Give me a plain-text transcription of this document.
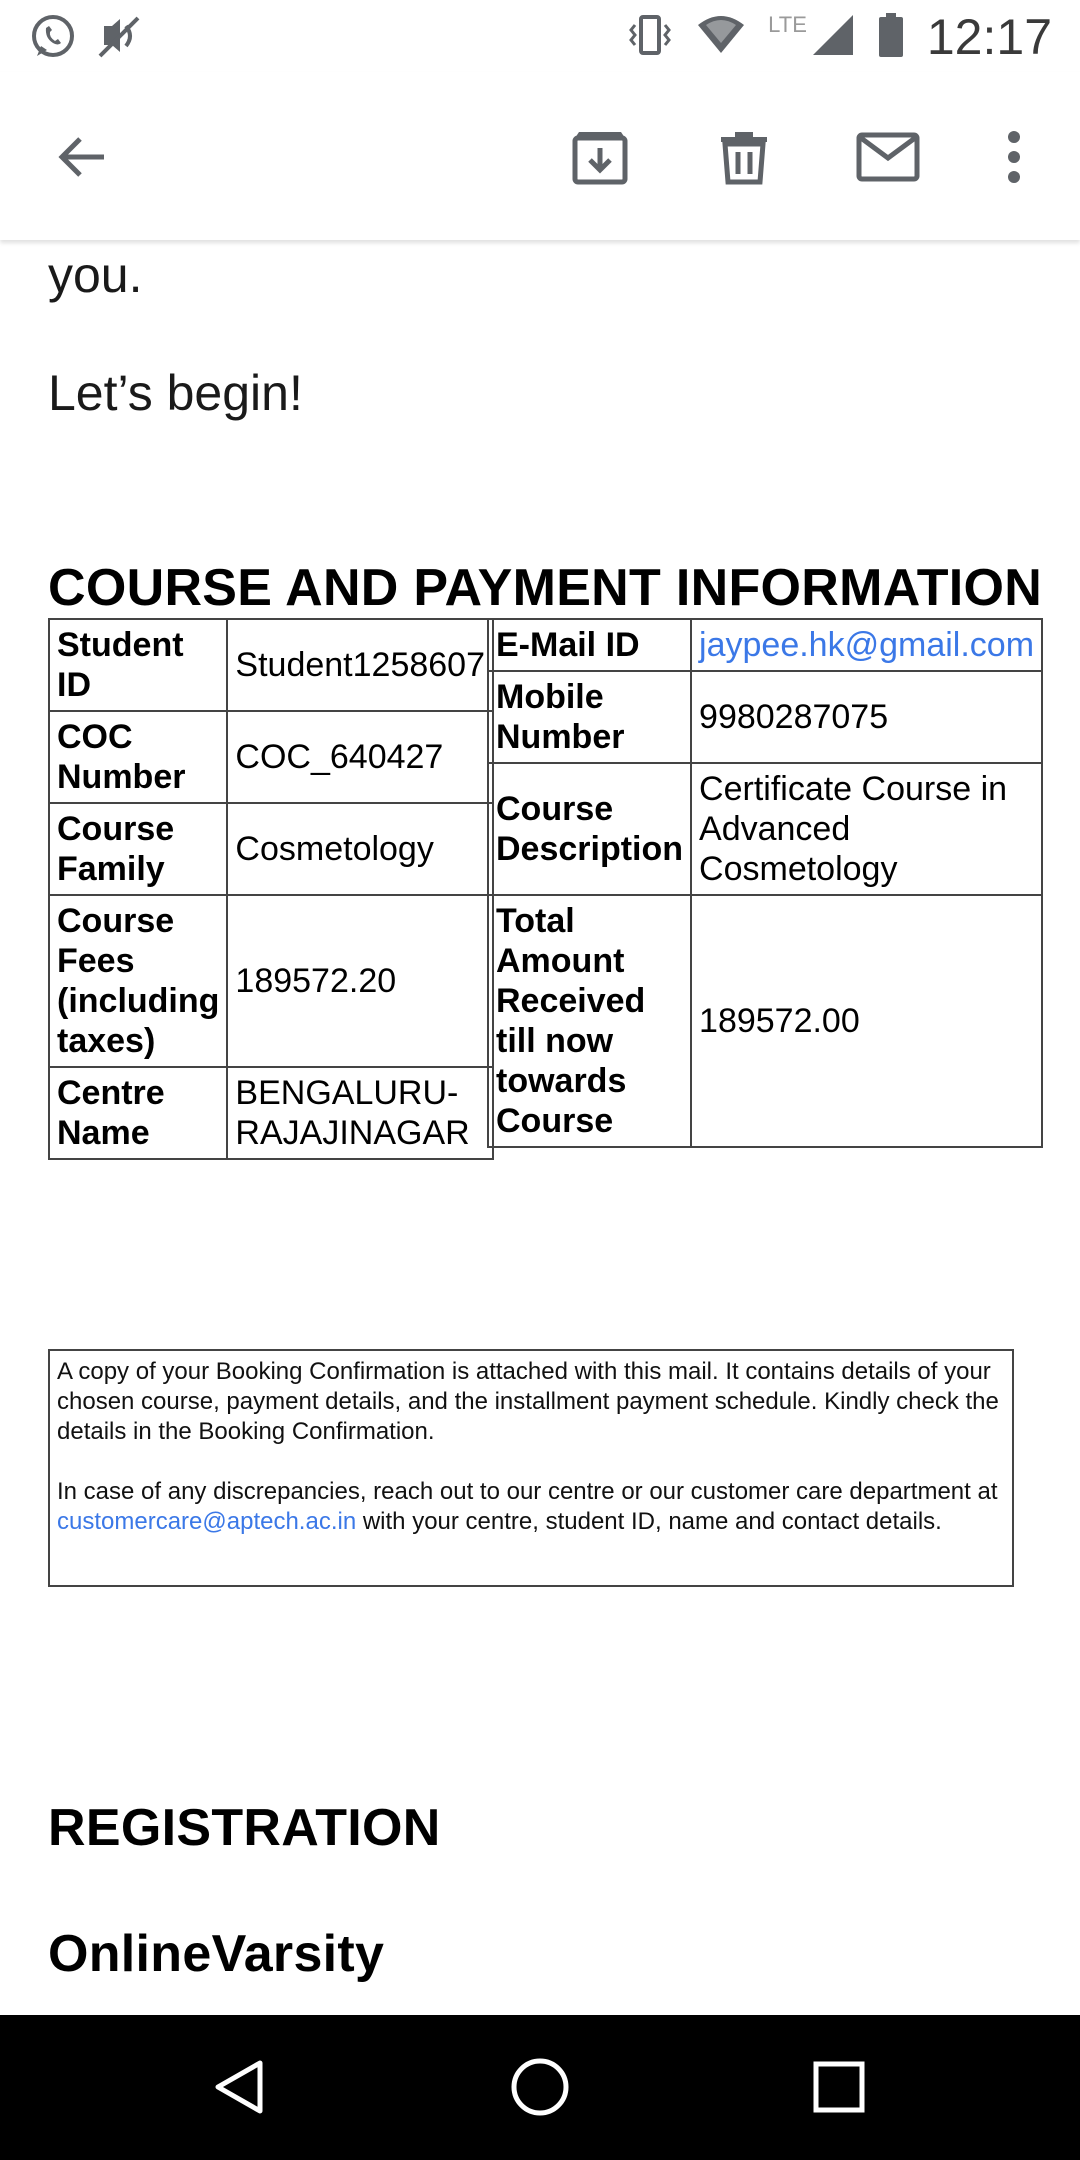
LTE 12:17
you.
Let’s begin!
COURSE AND PAYMENT INFORMATION
Student ID	Student1258607
COC Number	COC_640427
Course Family	Cosmetology
Course Fees (including taxes)	189572.20
Centre Name	BENGALURU-RAJAJINAGAR
E-Mail ID	jaypee.hk@gmail.com
Mobile Number	9980287075
Course Description	Certificate Course in Advanced Cosmetology
Total Amount Received till now towards Course	189572.00

A copy of your Booking Confirmation is attached with this mail. It contains details of your chosen course, payment details, and the installment payment schedule. Kindly check the details in the Booking Confirmation.

In case of any discrepancies, reach out to our centre or our customer care department at customercare@aptech.ac.in with your centre, student ID, name and contact details.

REGISTRATION
OnlineVarsity
